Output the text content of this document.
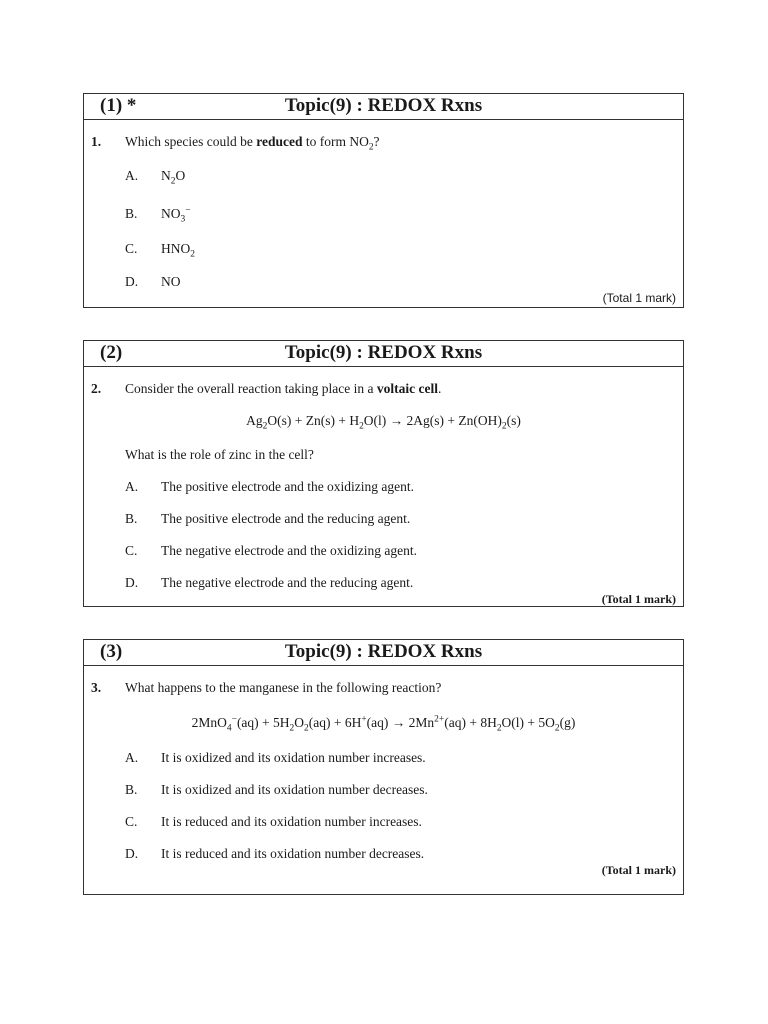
(1) *	Topic(9) : REDOX Rxns
1. Which species could be reduced to form $NO_2$?
A. $N_2O$
B. $NO_3^-$
C. $HNO_2$
D. NO
(Total 1 mark)
(2)	Topic(9) : REDOX Rxns
2. Consider the overall reaction taking place in a voltaic cell.
$Ag_2O(s) + Zn(s) + H_2O(l) \to 2Ag(s) + Zn(OH)_2(s)$
What is the role of zinc in the cell?
A. The positive electrode and the oxidizing agent.
B. The positive electrode and the reducing agent.
C. The negative electrode and the oxidizing agent.
D. The negative electrode and the reducing agent.
(Total 1 mark)
(3)	Topic(9) : REDOX Rxns
3. What happens to the manganese in the following reaction?
$2MnO_4^-(aq) + 5H_2O_2(aq) + 6H^+(aq) \to 2Mn^{2+}(aq) + 8H_2O(l) + 5O_2(g)$
A. It is oxidized and its oxidation number increases.
B. It is oxidized and its oxidation number decreases.
C. It is reduced and its oxidation number increases.
D. It is reduced and its oxidation number decreases.
(Total 1 mark)
